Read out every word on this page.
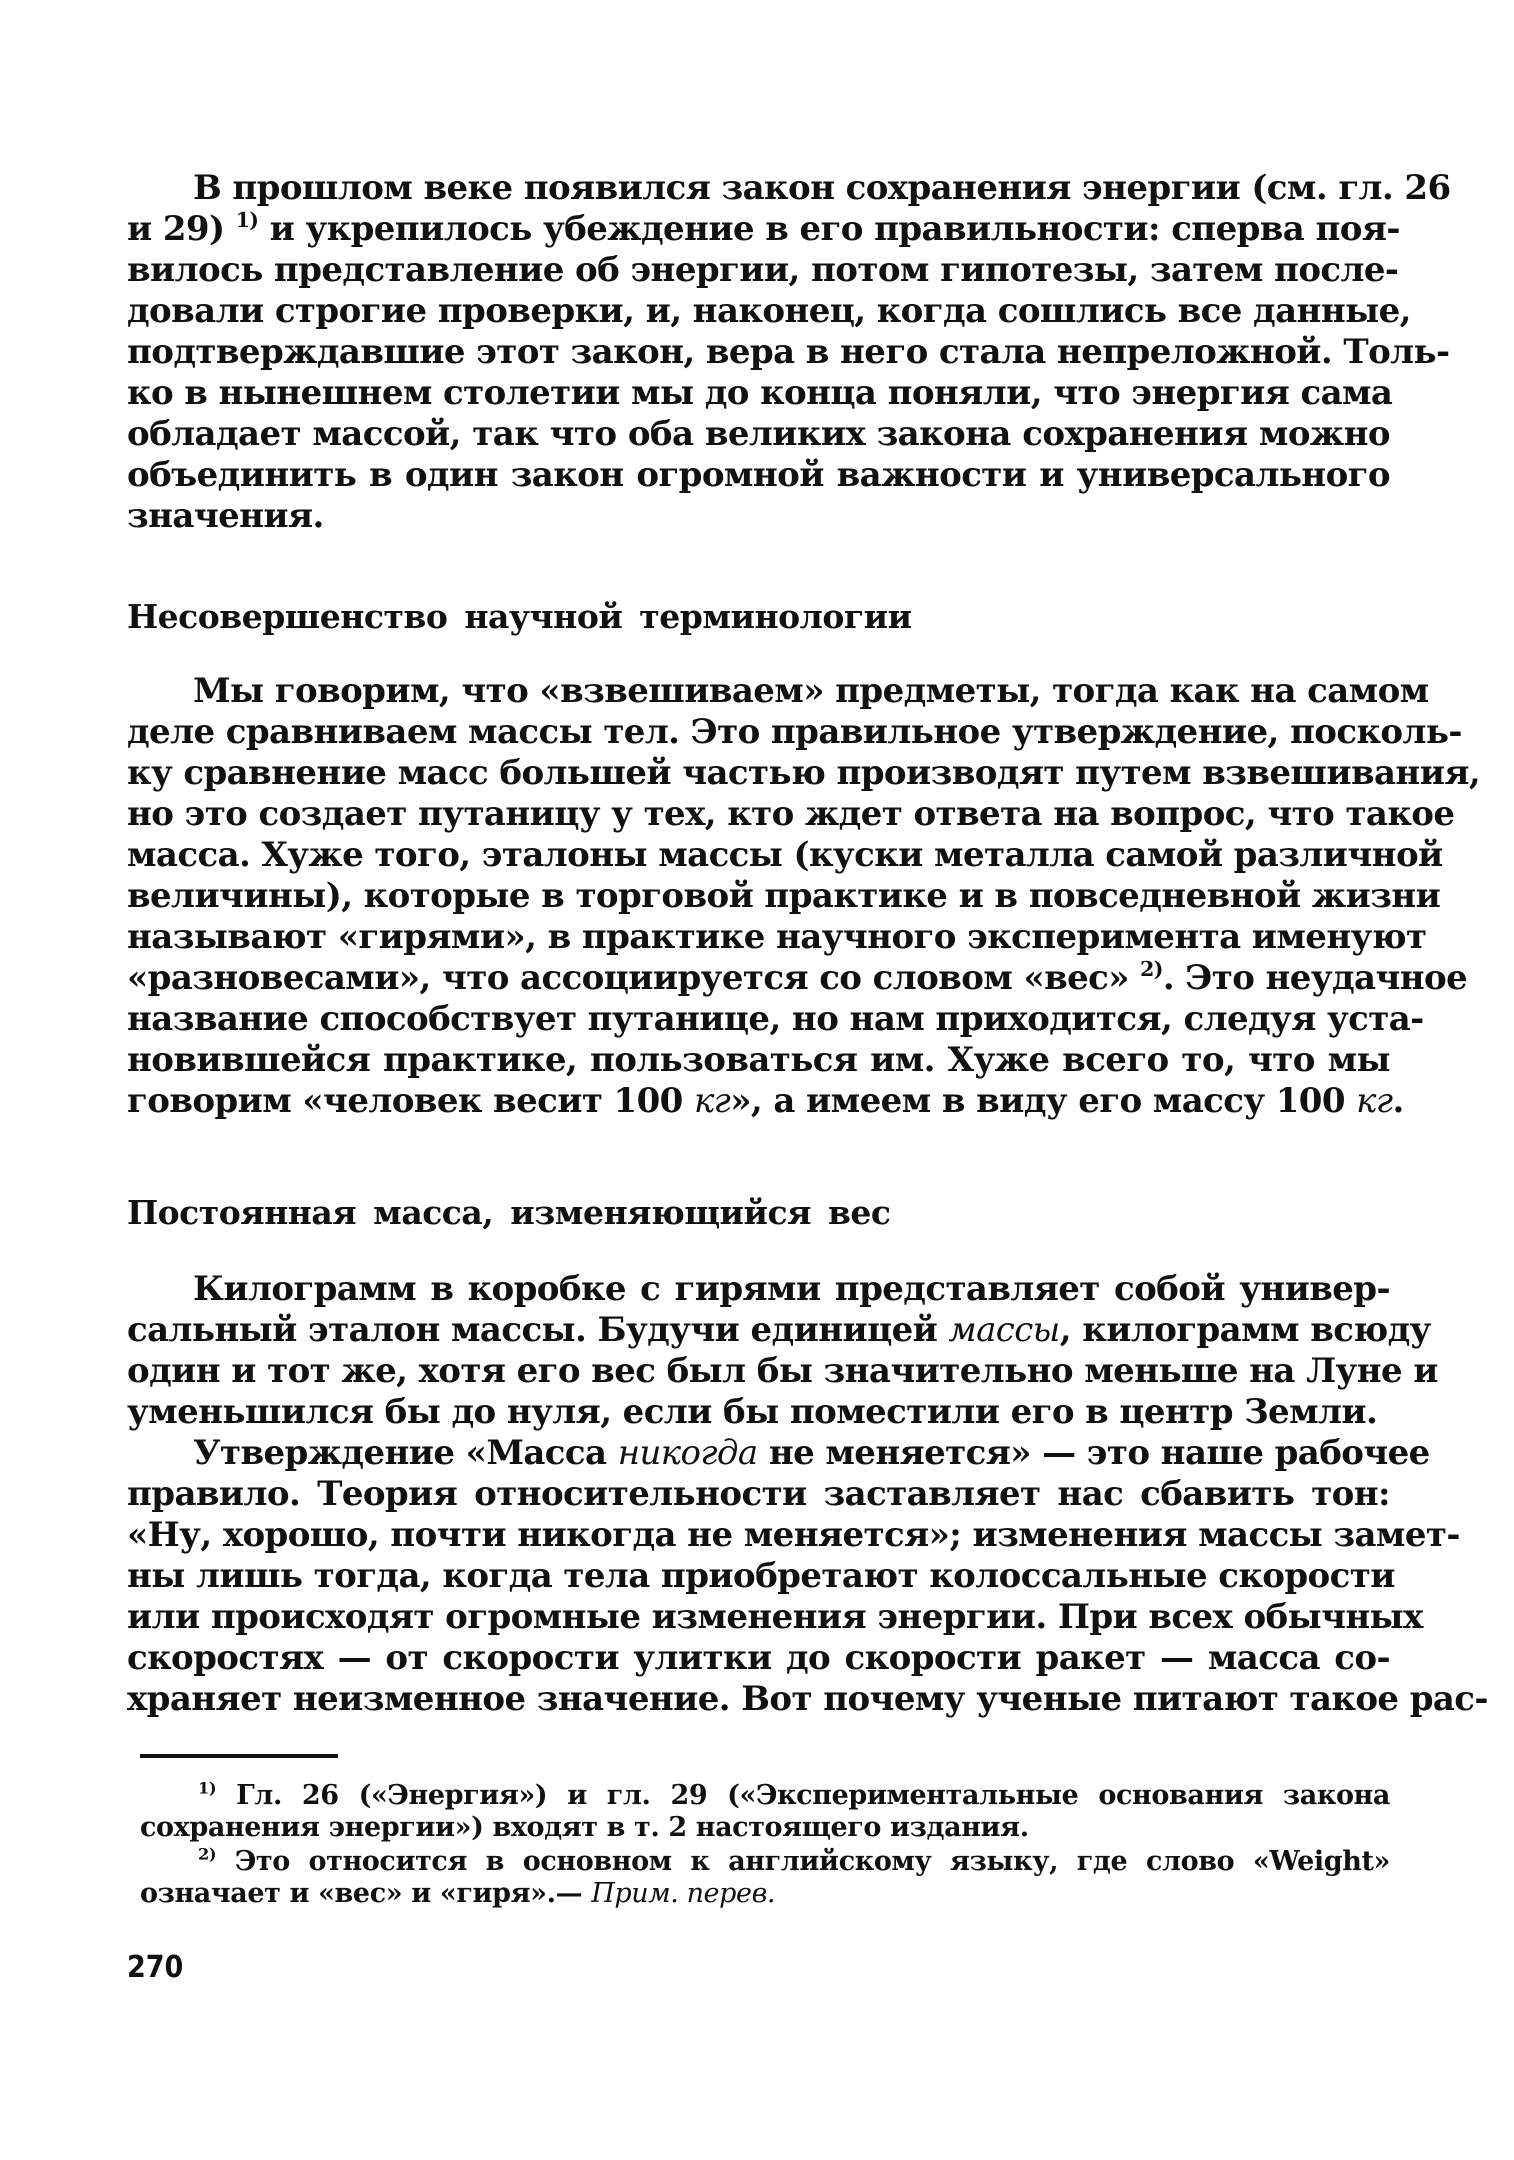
В прошлом веке появился закон сохранения энергии (см. гл. 26
и 29) $^{1)}$ и укрепилось убеждение в его правильности: сперва поя-
вилось представление об энергии, потом гипотезы, затем после-
довали строгие проверки, и, наконец, когда сошлись все данные,
подтверждавшие этот закон, вера в него стала непреложной. Толь-
ко в нынешнем столетии мы до конца поняли, что энергия сама
обладает массой, так что оба великих закона сохранения можно
объединить в один закон огромной важности и универсального
значения.
Несовершенство научной терминологии
Мы говорим, что «взвешиваем» предметы, тогда как на самом
деле сравниваем массы тел. Это правильное утверждение, посколь-
ку сравнение масс большей частью производят путем взвешивания,
но это создает путаницу у тех, кто ждет ответа на вопрос, что такое
масса. Хуже того, эталоны массы (куски металла самой различной
величины), которые в торговой практике и в повседневной жизни
называют «гирями», в практике научного эксперимента именуют
«разновесами», что ассоциируется со словом «вес» $^{2)}$. Это неудачное
название способствует путанице, но нам приходится, следуя уста-
новившейся практике, пользоваться им. Хуже всего то, что мы
говорим «человек весит 100 кг», а имеем в виду его массу 100 кг.
Постоянная масса, изменяющийся вес
Килограмм в коробке с гирями представляет собой универ-
сальный эталон массы. Будучи единицей массы, килограмм всюду
один и тот же, хотя его вес был бы значительно меньше на Луне и
уменьшился бы до нуля, если бы поместили его в центр Земли.
Утверждение «Масса никогда не меняется» — это наше рабочее
правило. Теория относительности заставляет нас сбавить тон:
«Ну, хорошо, почти никогда не меняется»; изменения массы замет-
ны лишь тогда, когда тела приобретают колоссальные скорости
или происходят огромные изменения энергии. При всех обычных
скоростях — от скорости улитки до скорости ракет — масса со-
храняет неизменное значение. Вот почему ученые питают такое рас-
$^{1)}$ Гл. 26 («Энергия») и гл. 29 («Экспериментальные основания закона
сохранения энергии») входят в т. 2 настоящего издания.
$^{2)}$ Это относится в основном к английскому языку, где слово «Weight»
означает и «вес» и «гиря».— Прим. перев.
270
